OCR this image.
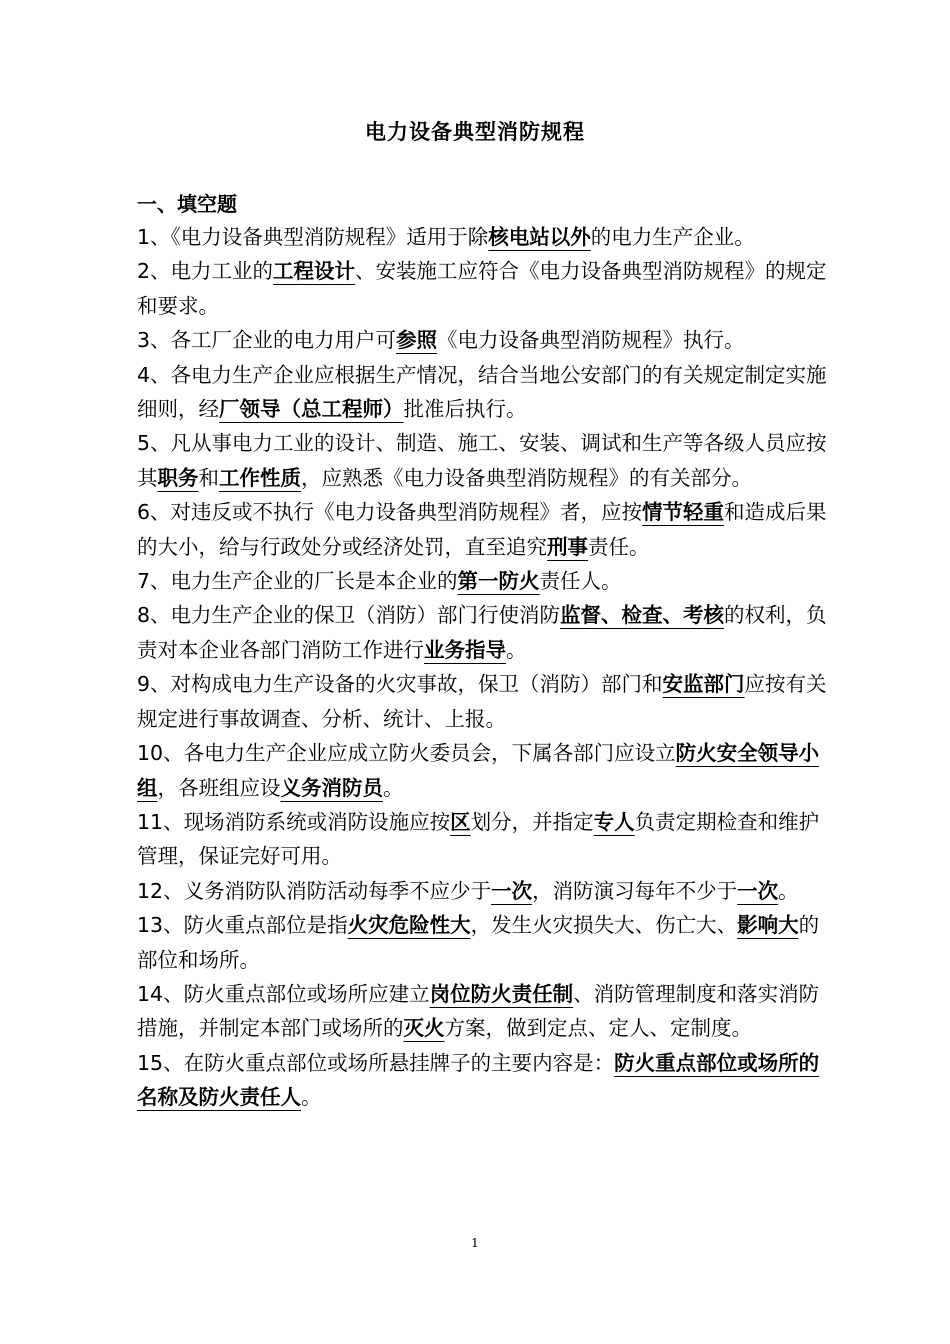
电力设备典型消防规程
一、填空题

1、《电力设备典型消防规程》适用于除核电站以外的电力生产企业。

2、电力工业的工程设计、安装施工应符合《电力设备典型消防规程》的规定和要求。

3、各工厂企业的电力用户可参照《电力设备典型消防规程》执行。

4、各电力生产企业应根据生产情况，结合当地公安部门的有关规定制定实施细则，经厂领导（总工程师）批准后执行。

5、凡从事电力工业的设计、制造、施工、安装、调试和生产等各级人员应按其职务和工作性质，应熟悉《电力设备典型消防规程》的有关部分。

6、对违反或不执行《电力设备典型消防规程》者，应按情节轻重和造成后果的大小，给与行政处分或经济处罚，直至追究刑事责任。

7、电力生产企业的厂长是本企业的第一防火责任人。

8、电力生产企业的保卫（消防）部门行使消防监督、检查、考核的权利，负责对本企业各部门消防工作进行业务指导。

9、对构成电力生产设备的火灾事故，保卫（消防）部门和安监部门应按有关规定进行事故调查、分析、统计、上报。

10、各电力生产企业应成立防火委员会，下属各部门应设立防火安全领导小组，各班组应设义务消防员。

11、现场消防系统或消防设施应按区划分，并指定专人负责定期检查和维护管理，保证完好可用。

12、义务消防队消防活动每季不应少于一次，消防演习每年不少于一次。

13、防火重点部位是指火灾危险性大，发生火灾损失大、伤亡大、影响大的部位和场所。

14、防火重点部位或场所应建立岗位防火责任制、消防管理制度和落实消防措施，并制定本部门或场所的灭火方案，做到定点、定人、定制度。

15、在防火重点部位或场所悬挂牌子的主要内容是：防火重点部位或场所的名称及防火责任人。

1
